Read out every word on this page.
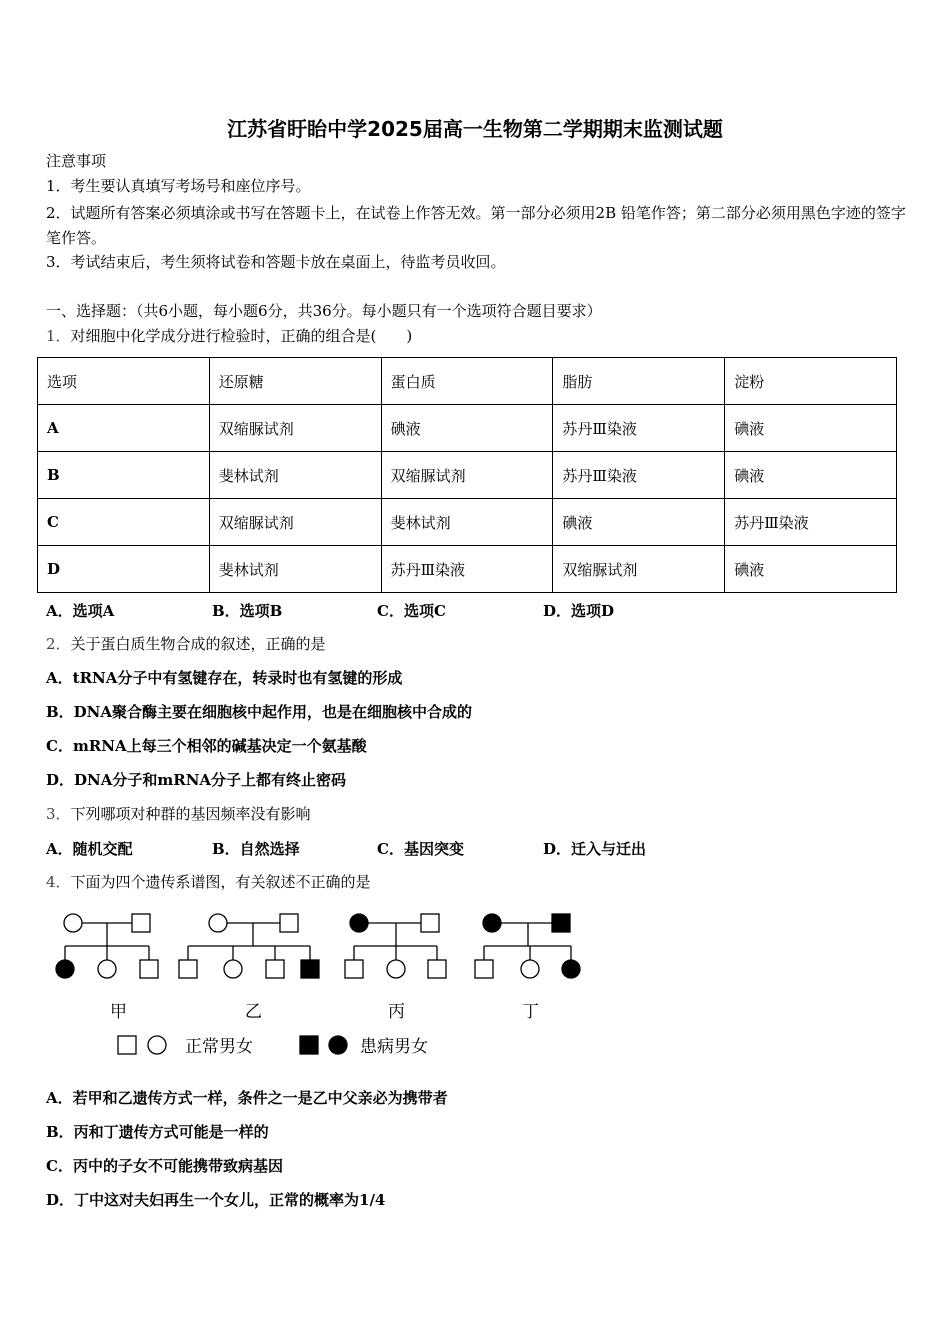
江苏省盱眙中学2025届高一生物第二学期期末监测试题
注意事项
1．考生要认真填写考场号和座位序号。
2．试题所有答案必须填涂或书写在答题卡上，在试卷上作答无效。第一部分必须用2B 铅笔作答；第二部分必须用黑色字迹的签字笔作答。
3．考试结束后，考生须将试卷和答题卡放在桌面上，待监考员收回。
一、选择题：（共6小题，每小题6分，共36分。每小题只有一个选项符合题目要求）
1．对细胞中化学成分进行检验时，正确的组合是(　　)
选项	还原糖	蛋白质	脂肪	淀粉
A	双缩脲试剂	碘液	苏丹Ⅲ染液	碘液
B	斐林试剂	双缩脲试剂	苏丹Ⅲ染液	碘液
C	双缩脲试剂	斐林试剂	碘液	苏丹Ⅲ染液
D	斐林试剂	苏丹Ⅲ染液	双缩脲试剂	碘液
A．选项A	B．选项B	C．选项C	D．选项D
2．关于蛋白质生物合成的叙述，正确的是
A．tRNA分子中有氢键存在，转录时也有氢键的形成
B．DNA聚合酶主要在细胞核中起作用，也是在细胞核中合成的
C．mRNA上每三个相邻的碱基决定一个氨基酸
D．DNA分子和mRNA分子上都有终止密码
3．下列哪项对种群的基因频率没有影响
A．随机交配	B．自然选择	C．基因突变	D．迁入与迁出
4．下面为四个遗传系谱图，有关叙述不正确的是
甲	乙	丙	丁
正常男女	患病男女
A．若甲和乙遗传方式一样，条件之一是乙中父亲必为携带者
B．丙和丁遗传方式可能是一样的
C．丙中的子女不可能携带致病基因
D．丁中这对夫妇再生一个女儿，正常的概率为1/4
